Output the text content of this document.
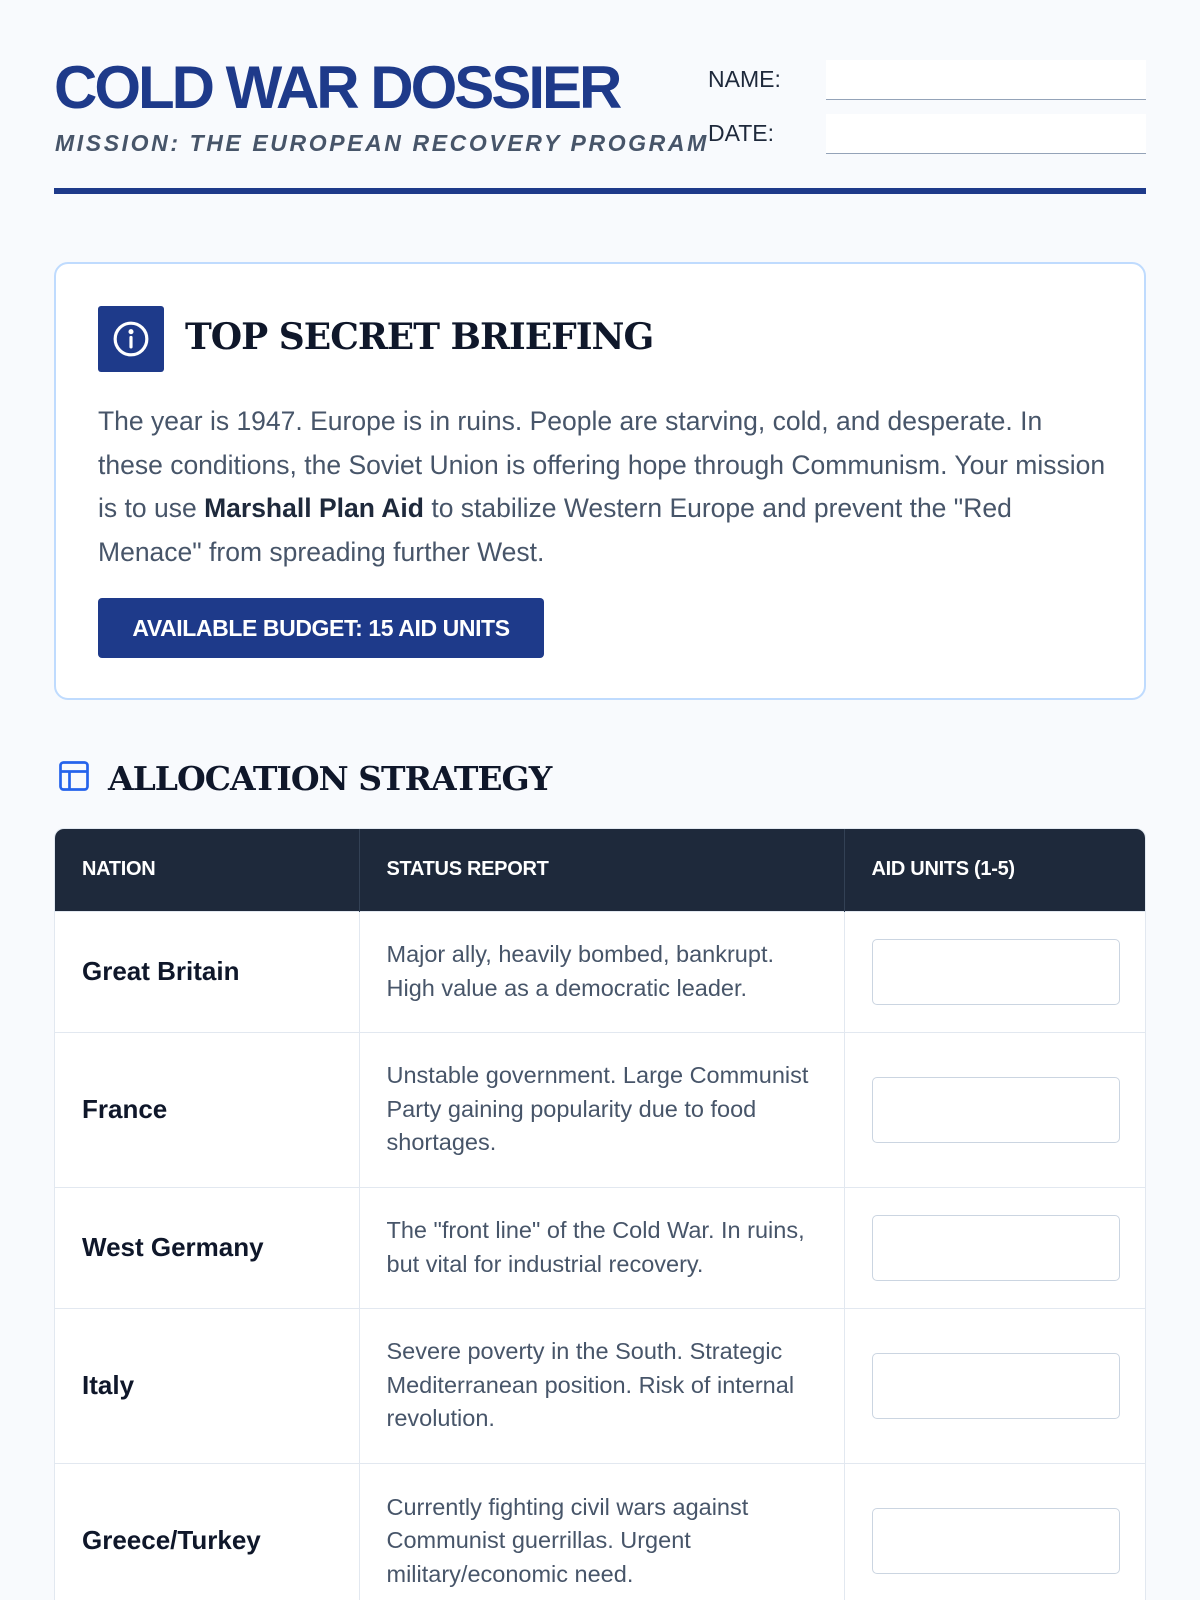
COLD WAR DOSSIER
MISSION: THE EUROPEAN RECOVERY PROGRAM
NAME:
DATE:
TOP SECRET BRIEFING

The year is 1947. Europe is in ruins. People are starving, cold, and desperate. In these conditions, the Soviet Union is offering hope through Communism. Your mission is to use Marshall Plan Aid to stabilize Western Europe and prevent the "Red Menace" from spreading further West.

AVAILABLE BUDGET: 15 AID UNITS
ALLOCATION STRATEGY
NATION	STATUS REPORT	AID UNITS (1-5)
Great Britain	Major ally, heavily bombed, bankrupt. High value as a democratic leader.	
France	Unstable government. Large Communist Party gaining popularity due to food shortages.	
West Germany	The "front line" of the Cold War. In ruins, but vital for industrial recovery.	
Italy	Severe poverty in the South. Strategic Mediterranean position. Risk of internal revolution.	
Greece/Turkey	Currently fighting civil wars against Communist guerrillas. Urgent military/economic need.	
